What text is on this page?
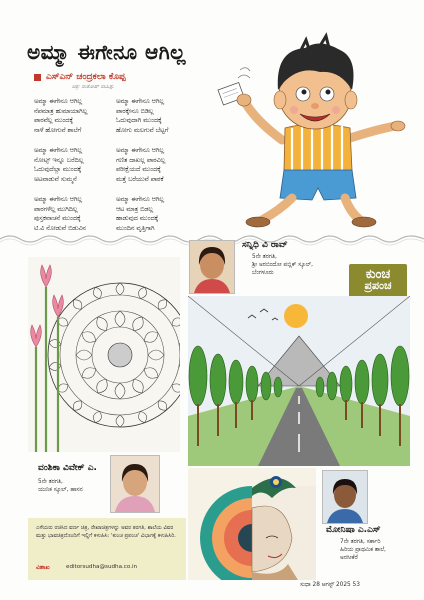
ಅಮ್ಮಾ ಈಗೇನೂ ಆಗಿಲ್ಲ
ಎಸ್‌ಎನ್ ಚಂದ್ರಕಲಾ ಕೊಪ್ಪ
ಚಿತ್ರ: ಸಂತೋಷ್ ಸಸಿಹಿತ್ಲು
ಅಮ್ಮಾ ಈಗೇನೂ ಆಗಿಲ್ಲ
ನೆಪಮಾತ್ರ ಹುಮಾಯಾಗಿಲ್ಲ
ಪಾಠವೆಲ್ಲ ಮುಂದಕ್ಕೆ
ನಾಳೆ ಹೋಗುವೆ ಶಾಲೆಗೆ
ಅಮ್ಮಾ ಈಗೇನೂ ಆಗಿಲ್ಲ
ಪಾಠಕ್ಕೇನೂ ಬಿಡಿಲ್ಲ
ಓದುವುದಾಗಿ ಮುಂದಕ್ಕೆ
ಹೋಗು ಮಲಗುವೆ ಬೆಟ್ಟಗೆ
ಅಮ್ಮಾ ಈಗೇನೂ ಆಗಿಲ್ಲ
ನೋಟ್ಸ್ ಇನ್ನೂ ಬರೆದಿಲ್ಲ
ಓದುವುದೆಲ್ಲಾ ಮುಂದಕ್ಕೆ
ಅಟವಾಡುವೆ ಸುಮ್ಮನೆ
ಅಮ್ಮಾ ಈಗೇನೂ ಆಗಿಲ್ಲ
ಗಣಿತ ದಾಖಲ್ಲ ಪಾಠವಿಲ್ಲ
ಪರೀಕ್ಷೆಯದೆ ಮುಂದಕ್ಕೆ
ಮತ್ತೆ ಬರೆಯುವೆ ಪಾಠಕೆ
ಅಮ್ಮಾ ಈಗೇನೂ ಆಗಿಲ್ಲ
ಪಾಠಗಳೆಲ್ಲ ಮುಗಿದಿಲ್ಲ
ಪುಸ್ತಕವಾಚನೆ ಮುಂದಕ್ಕೆ
ಟಿ.ವಿ ನೋಡುವೆ ಬಿಡುವಿನ
ಅಮ್ಮಾ ಈಗೇನೂ ಆಗಿಲ್ಲ
ಆಟ ಮಾತ್ರ ಬಿಡಲ್ಲ
ಹಾಡುವುದ ಮುಂದಕ್ಕೆ
ಮುಂದಿನ ವೃತ್ತಿಗಾಗಿ
ಕುಂಚ
ಪ್ರಪಂಚ
ಸನ್ನಿಧಿ ವಿ ರಾವ್
5ನೇ ತರಗತಿ,
ಶ್ರೀ ಅರಬಿಂದೋ ಪಬ್ಲಿಕ್ ಸ್ಕೂಲ್,
ಬೆಂಗಳೂರು
ವಂಶಿಕಾ ವಿವೇಕ್ ಎ.
5ನೇ ತರಗತಿ,
ಯುನಿಕ ಸ್ಕೂಲ್, ಹಾಸನ
ಮೋನಿಷಾ ಎ.ಎಸ್
7ನೇ ತರಗತಿ, ಸರ್ಕಾರಿ
ಹಿರಿಯ ಪ್ರಾಥಮಿಕ ಶಾಲೆ,
ಅರಸೀಕೆರೆ
ಎಳೆಯರು ರಚಿಸಿದ ವರ್ಣ ಚಿತ್ರ, ರೇಖಾಚಿತ್ರಗಳನ್ನು ಅವರ ತರಗತಿ, ಶಾಲೆಯ ವಿವರ ಮತ್ತು ಭಾವಚಿತ್ರದೊಂದಿಗೆ ಇಲ್ಲಿಗೆ ಕಳುಹಿಸಿ: 'ಕುಂಚ ಪ್ರಪಂಚ' ವಿಭಾಗಕ್ಕೆ ಕಳುಹಿಸಿರಿ.
ವಿಶಾಖ	editorsudha@sudha.co.in
ಸುಧಾ 28 ಆಗಸ್ಟ್ 2025 53
